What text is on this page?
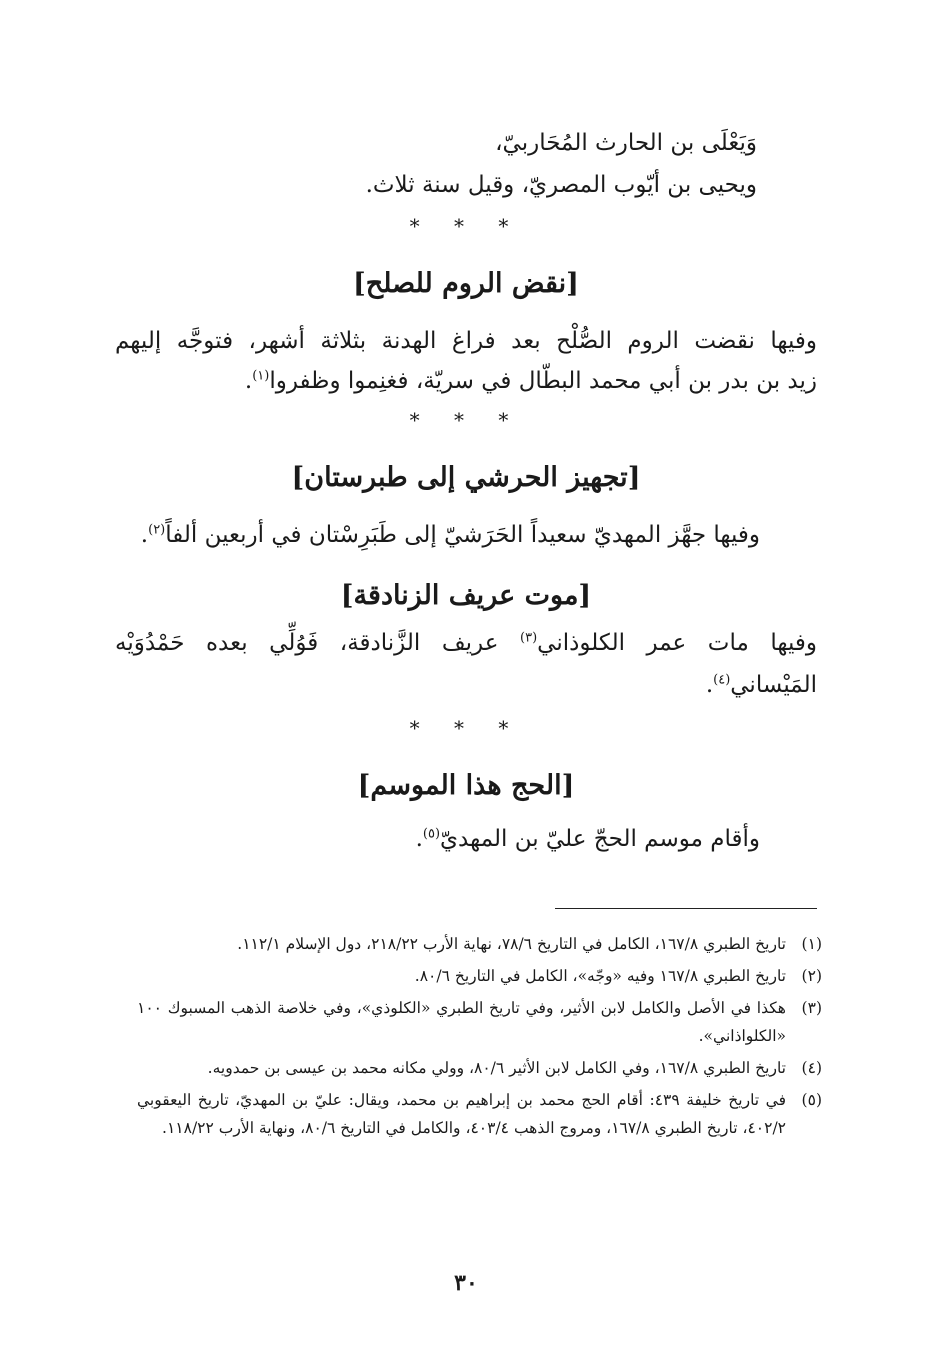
وَيَعْلَى بن الحارث المُحَاربيّ،
ويحيى بن أيّوب المصريّ، وقيل سنة ثلاث.
* * *
[نقض الروم للصلح]
وفيها نقضت الروم الصُّلْح بعد فراغ الهدنة بثلاثة أشهر، فتوجَّه إليهم
زيد بن بدر بن أبي محمد البطّال في سريّة، فغنِموا وظفروا$^{(١)}$.
* * *
[تجهيز الحرشي إلى طبرستان]
وفيها جهَّز المهديّ سعيداً الحَرَشيّ إلى طَبَرِسْتان في أربعين ألفاً$^{(٢)}$.
[موت عريف الزنادقة]
وفيها مات عمر الكلوذاني$^{(٣)}$ عريف الزَّنادقة، فَوُلِّي بعده حَمْدُوَيْه
المَيْساني$^{(٤)}$.
* * *
[الحج هذا الموسم]
وأقام موسم الحجّ عليّ بن المهديّ$^{(٥)}$.
(١)
تاريخ الطبري ١٦٧/٨، الكامل في التاريخ ٧٨/٦، نهاية الأرب ٢١٨/٢٢، دول الإسلام ١١٢/١.
(٢)
تاريخ الطبري ١٦٧/٨ وفيه «وجّه»، الكامل في التاريخ ٨٠/٦.
(٣)
هكذا في الأصل والكامل لابن الأثير، وفي تاريخ الطبري «الكلوذي»، وفي خلاصة الذهب المسبوك ١٠٠ «الكلواذاني».
(٤)
تاريخ الطبري ١٦٧/٨، وفي الكامل لابن الأثير ٨٠/٦، وولي مكانه محمد بن عيسى بن حمدويه.
(٥)
في تاريخ خليفة ٤٣٩: أقام الحج محمد بن إبراهيم بن محمد، ويقال: عليّ بن المهديّ، تاريخ اليعقوبي ٤٠٢/٢، تاريخ الطبري ١٦٧/٨، ومروج الذهب ٤٠٣/٤، والكامل في التاريخ ٨٠/٦، ونهاية الأرب ١١٨/٢٢.
٣٠
